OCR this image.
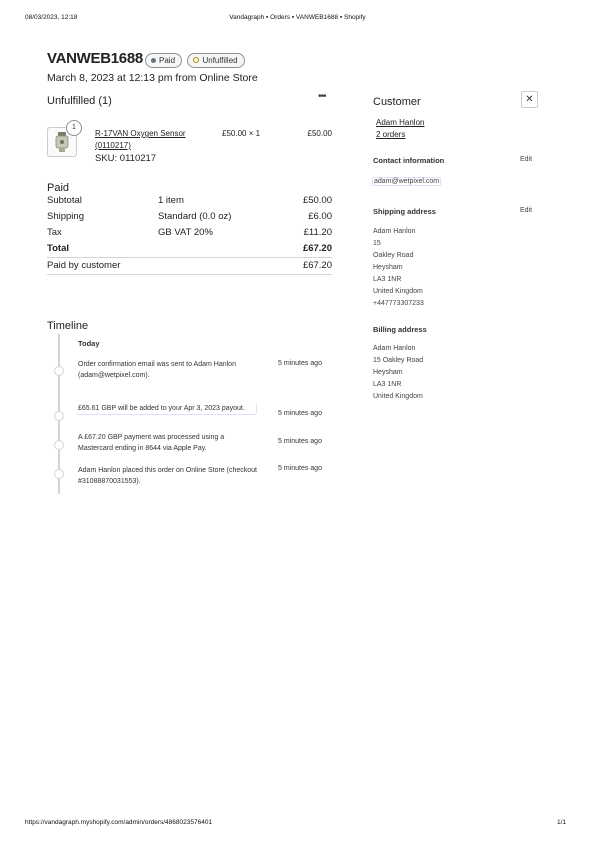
08/03/2023, 12:18	Vandagraph ▪ Orders ▪ VANWEB1688 ▪ Shopify
VANWEB1688	Paid	Unfulfilled
March 8, 2023 at 12:13 pm from Online Store
Unfulfilled (1)	•••
1
R-17VAN Oxygen Sensor
(0110217)
SKU: 0110217
£50.00 × 1	£50.00
Paid
Subtotal	1 item	£50.00
Shipping	Standard (0.0 oz)	£6.00
Tax	GB VAT 20%	£11.20
Total	£67.20
Paid by customer	£67.20
Timeline
Today
Order confirmation email was sent to Adam Hanlon (adam@wetpixel.com).
5 minutes ago
£65.61 GBP will be added to your Apr 3, 2023 payout.
5 minutes ago
A £67.20 GBP payment was processed using a Mastercard ending in 8644 via Apple Pay.
5 minutes ago
Adam Hanlon placed this order on Online Store (checkout #31088870031553).
5 minutes ago
Customer	✕
Adam Hanlon
2 orders
Contact information	Edit
adam@wetpixel.com
Shipping address	Edit
Adam Hanlon
15
Oakley Road
Heysham
LA3 1NR
United Kingdom
+447773307233
Billing address
Adam Hanlon
15 Oakley Road
Heysham
LA3 1NR
United Kingdom
https://vandagraph.myshopify.com/admin/orders/4868023576401	1/1
